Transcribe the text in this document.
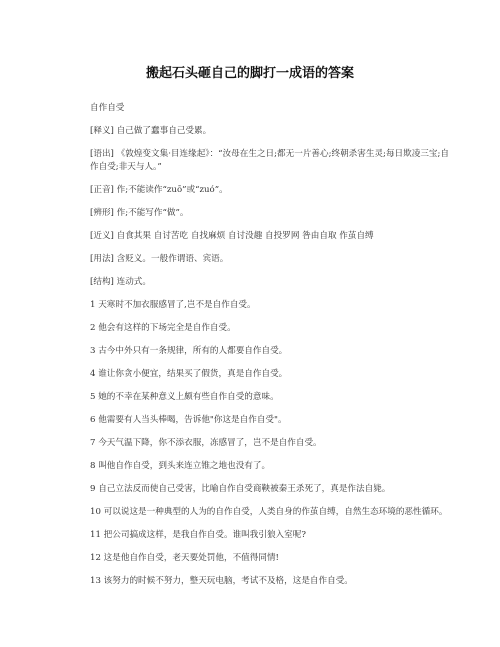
搬起石头砸自己的脚打一成语的答案

自作自受

[释义] 自己做了蠢事自己受累。

[语出] 《敦煌变文集·目连缘起》：“汝母在生之日;都无一片善心;终朝杀害生灵;每日欺凌三宝;自作自受;非天与人。”

[正音] 作;不能读作“zuō”或“zuó”。

[辨形] 作;不能写作“做”。

[近义] 自食其果 自讨苦吃 自找麻烦 自讨没趣 自投罗网 咎由自取 作茧自缚

[用法] 含贬义。一般作谓语、宾语。

[结构] 连动式。

1 天寒时不加衣服感冒了,岂不是自作自受。

2 他会有这样的下场完全是自作自受。

3 古今中外只有一条规律，所有的人都要自作自受。

4 谁让你贪小便宜，结果买了假货，真是自作自受。

5 她的不幸在某种意义上颇有些自作自受的意味。

6 他需要有人当头棒喝，告诉他"你这是自作自受"。

7 今天气温下降，你不添衣服，冻感冒了，岂不是自作自受。

8 叫他自作自受，到头来连立锥之地也没有了。

9 自己立法反而使自己受害，比喻自作自受商鞅被秦王杀死了，真是作法自毙。

10 可以说这是一种典型的人为的自作自受，人类自身的作茧自缚，自然生态环境的恶性循环。

11 把公司搞成这样，是我自作自受。谁叫我引狼入室呢?

12 这是他自作自受，老天要处罚他，不值得同情!

13 该努力的时候不努力，整天玩电脑，考试不及格，这是自作自受。
